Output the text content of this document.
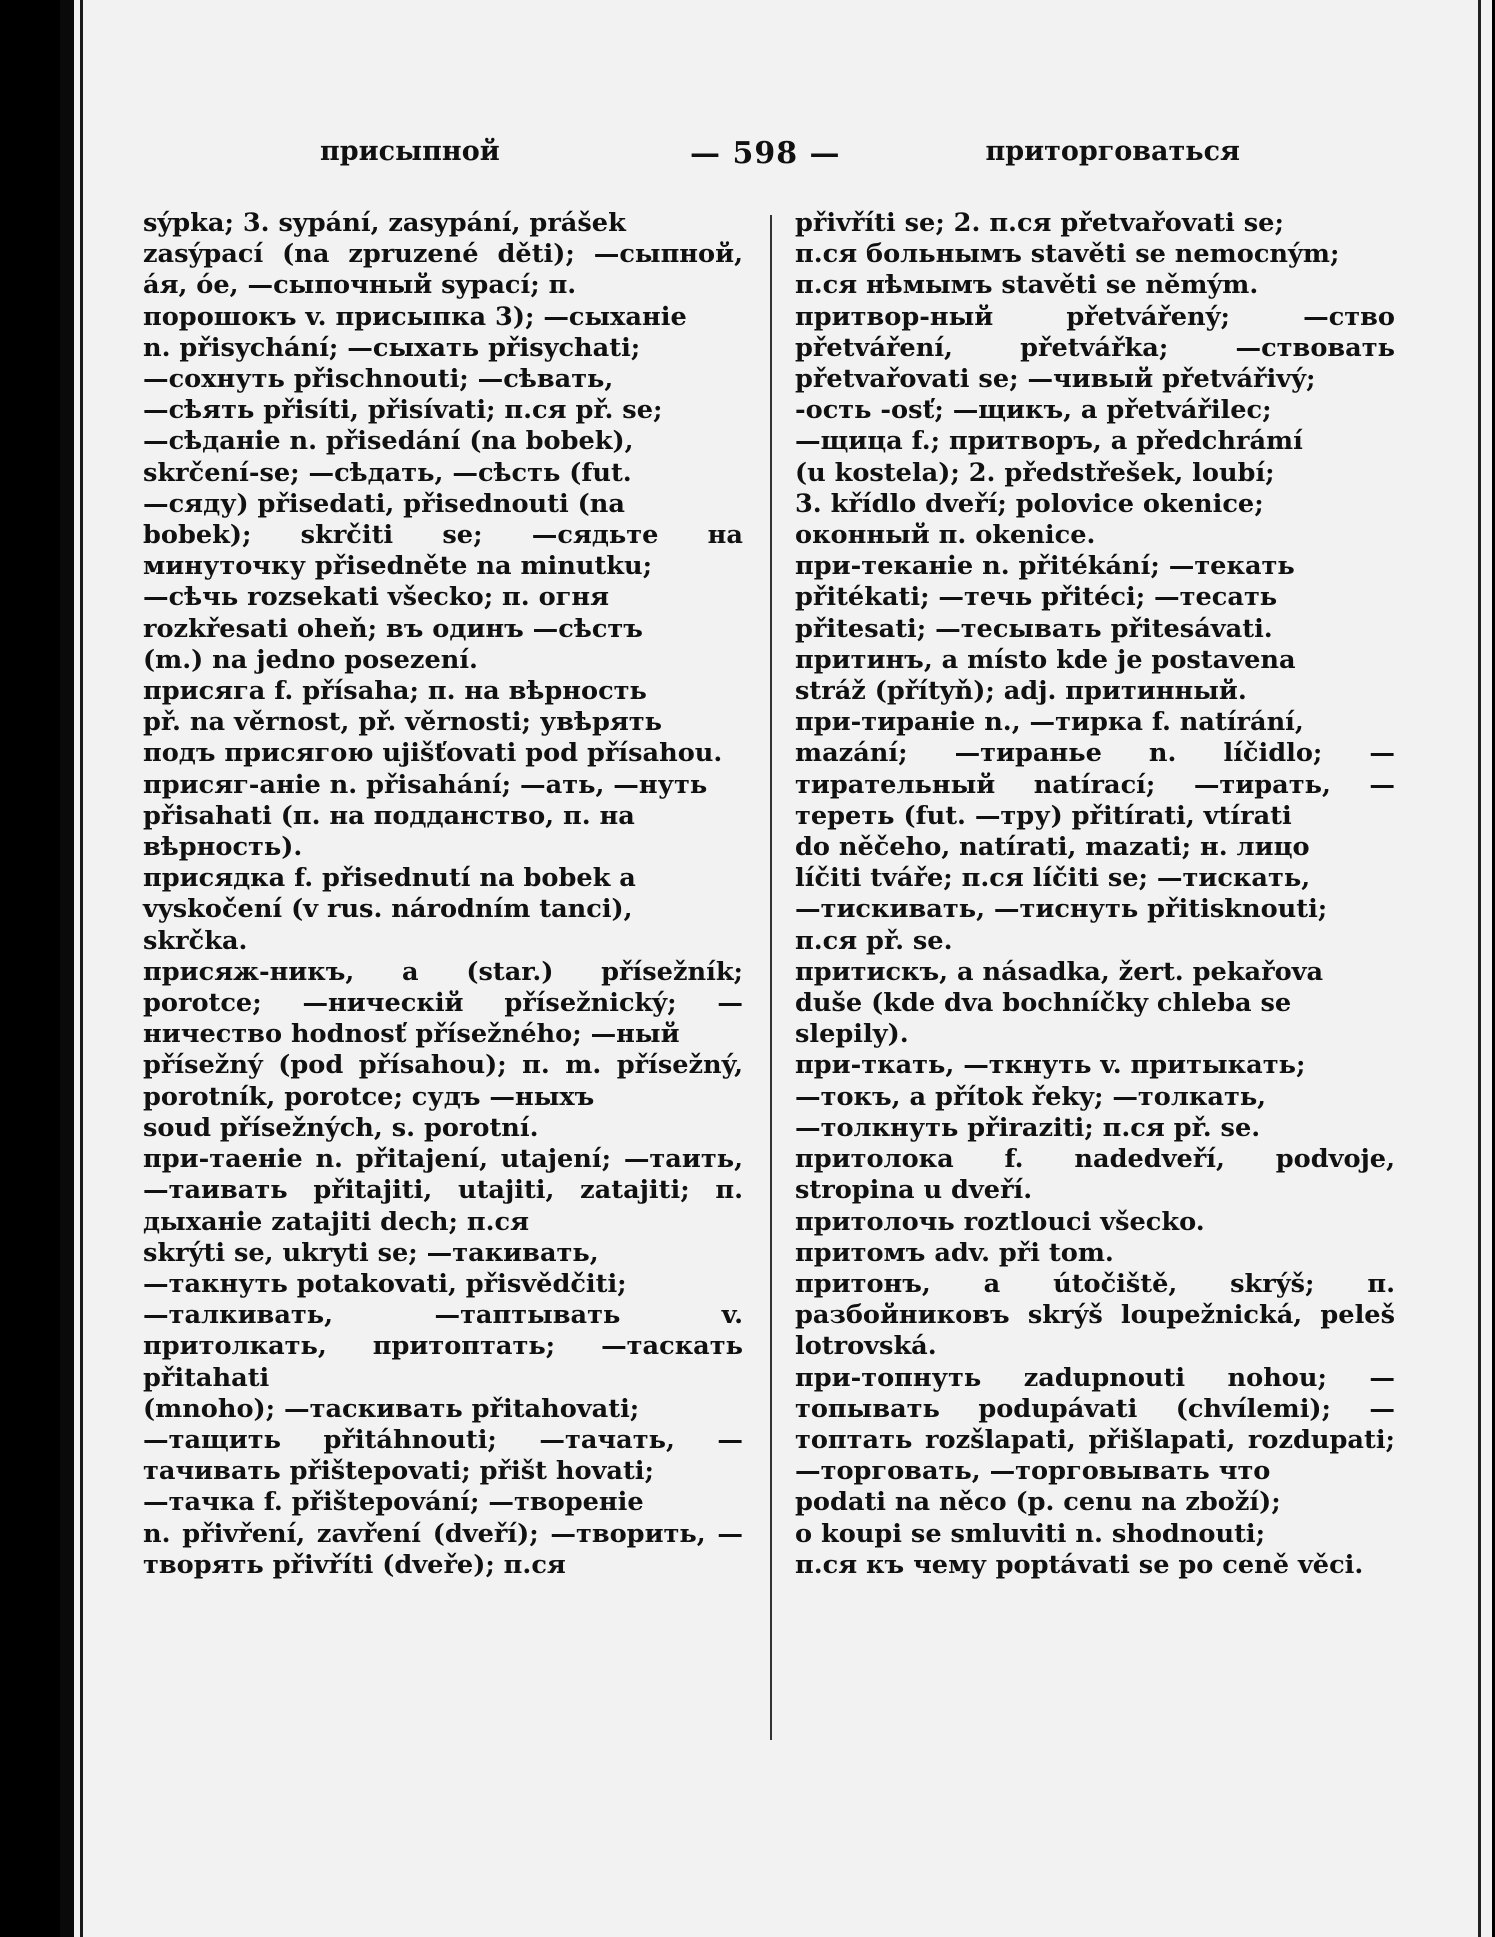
присыпной	— 598 —	приторговаться
sýpka; 3. sypání, zasypání, prášek
zasýpací (na zpruzené děti); —сыпной, áя, óе, —сыпочный sypací; п.
порошокъ v. присыпка 3); —сыханіе
n. přisychání; —сыхать přisychati;
—сохнуть přischnouti; —сѣвать,
—сѣять přisíti, přisívati; п.ся př. se;
—сѣданіе n. přisedání (na bobek),
skrčení-se; —сѣдать, —сѣсть (fut.
—сяду) přisedati, přisednouti (na
bobek); skrčiti se; —сядьте на минуточку přisedněte na minutku;
—сѣчь rozsekati všecko; п. огня
rozkřesati oheň; въ одинъ —сѣстъ
(m.) na jedno posezení.
присяга f. přísaha; п. на вѣрность
př. na věrnost, př. věrnosti; увѣрять
подъ присягою ujišťovati pod přísahou.
присяг-аніе n. přisahání; —ать, —нуть
přisahati (п. на подданство, п. на
вѣрность).
присядка f. přisednutí na bobek a
vyskočení (v rus. národním tanci),
skrčka.
присяж-никъ, а (star.) přísežník; porotce; —ническій přísežnický; —ничество hodnosť přísežného; —ный
přísežný (pod přísahou); п. m. přísežný, porotník, porotce; судъ —ныхъ
soud přísežných, s. porotní.
при-таеніе n. přitajení, utajení; —таить, —таивать přitajiti, utajiti, zatajiti; п. дыханіе zatajiti dech; п.ся
skrýti se, ukryti se; —такивать,
—такнуть potakovati, přisvědčiti;
—талкивать, —таптывать v. притолкать, притоптать; —таскать přitahati
(mnoho); —таскивать přitahovati;
—тащить přitáhnouti; —тачать, —тачивать přištepovati; přišt hovati;
—тачка f. přištepování; —твореніе
n. přivření, zavření (dveří); —творить, —творять přivříti (dveře); п.ся
přivříti se; 2. п.ся přetvařovati se;
п.ся больнымъ stavěti se nemocným;
п.ся нѣмымъ stavěti se němým.
притвор-ный přetvářený; —ство přetváření, přetvářka; —ствовать přetvařovati se; —чивый přetvářivý;
-ость -osť; —щикъ, а přetvářilec;
—щица f.; притворъ, а předchrámí
(u kostela); 2. předstřešek, loubí;
3. křídlo dveří; polovice okenice;
оконный п. okenice.
при-теканіе n. přitékání; —текать
přitékati; —течь přitéci; —тесать
přitesati; —тесывать přitesávati.
притинъ, а místo kde je postavena
stráž (přítyň); adj. притинный.
при-тираніе n., —тирка f. natírání,
mazání; —тиранье n. líčidlo; —тирательный natírací; —тирать, —тереть (fut. —тру) přitírati, vtírati
do něčeho, natírati, mazati; н. лицо
líčiti tváře; п.ся líčiti se; —тискать,
—тискивать, —тиснуть přitisknouti;
п.ся př. se.
притискъ, а násadka, žert. pekařova
duše (kde dva bochníčky chleba se
slepily).
при-ткать, —ткнуть v. притыкать;
—токъ, а přítok řeky; —толкать,
—толкнуть přiraziti; п.ся př. se.
притолока f. nadedveří, podvoje, stropina u dveří.
притолочь roztlouci všecko.
притомъ adv. při tom.
притонъ, а útočiště, skrýš; п. разбойниковъ skrýš loupežnická, peleš lotrovská.
при-топнуть zadupnouti nohou; —топывать podupávati (chvílemi); —топтать rozšlapati, přišlapati, rozdupati; —торговать, —торговывать что
podati na něco (p. cenu na zboží);
o koupi se smluviti n. shodnouti;
п.ся къ чему poptávati se po ceně věci.
